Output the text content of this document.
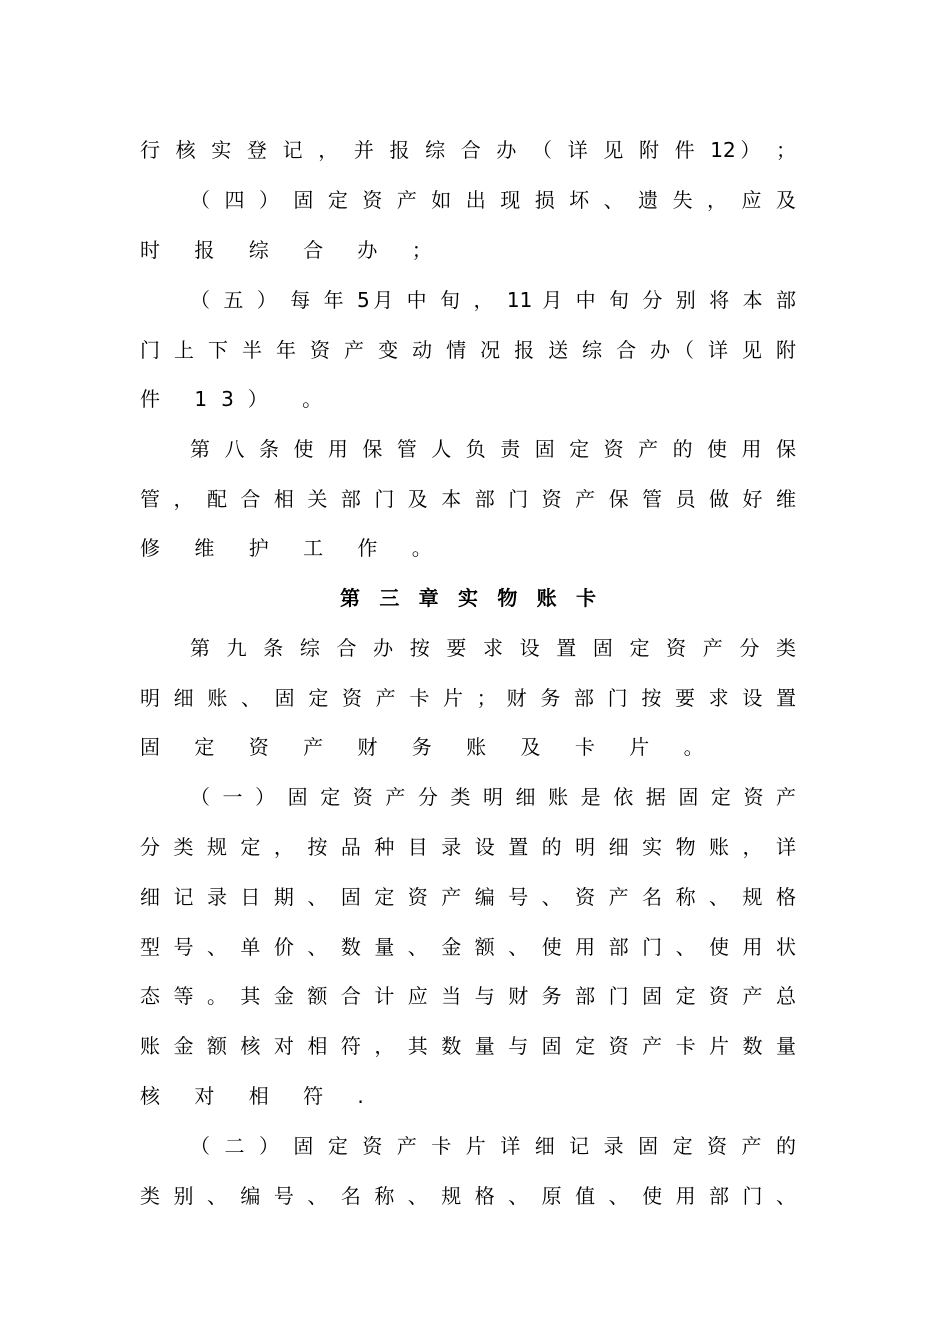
行 核 实 登 记 ， 并 报 综 合 办 （ 详 见 附 件 12） ；
（ 四 ） 固 定 资 产 如 出 现 损 坏 、 遗 失 ， 应 及
时 报 综 合 办 ；
（ 五 ） 每 年 5月 中 旬 ， 11 月 中 旬 分 别 将 本 部
门 上 下 半 年 资 产 变 动 情 况 报 送 综 合 办（ 详 见 附
件 13） 。
第 八 条 使 用 保 管 人 负 责 固 定 资 产 的 使 用 保
管 ， 配 合 相 关 部 门 及 本 部 门 资 产 保 管 员 做 好 维
修 维 护 工 作 。
第 三 章 实 物 账 卡
第 九 条 综 合 办 按 要 求 设 置 固 定 资 产 分 类
明 细 账 、 固 定 资 产 卡 片 ； 财 务 部 门 按 要 求 设 置
固 定 资 产 财 务 账 及 卡 片 。
（ 一 ） 固 定 资 产 分 类 明 细 账 是 依 据 固 定 资 产
分 类 规 定 ， 按 品 种 目 录 设 置 的 明 细 实 物 账 ， 详
细 记 录 日 期 、 固 定 资 产 编 号 、 资 产 名 称 、 规 格
型 号 、 单 价 、 数 量 、 金 额 、 使 用 部 门 、 使 用 状
态 等 。 其 金 额 合 计 应 当 与 财 务 部 门 固 定 资 产 总
账 金 额 核 对 相 符 ， 其 数 量 与 固 定 资 产 卡 片 数 量
核 对 相 符 .
（ 二 ） 固 定 资 产 卡 片 详 细 记 录 固 定 资 产 的
类 别 、 编 号 、 名 称 、 规 格 、 原 值 、 使 用 部 门 、
